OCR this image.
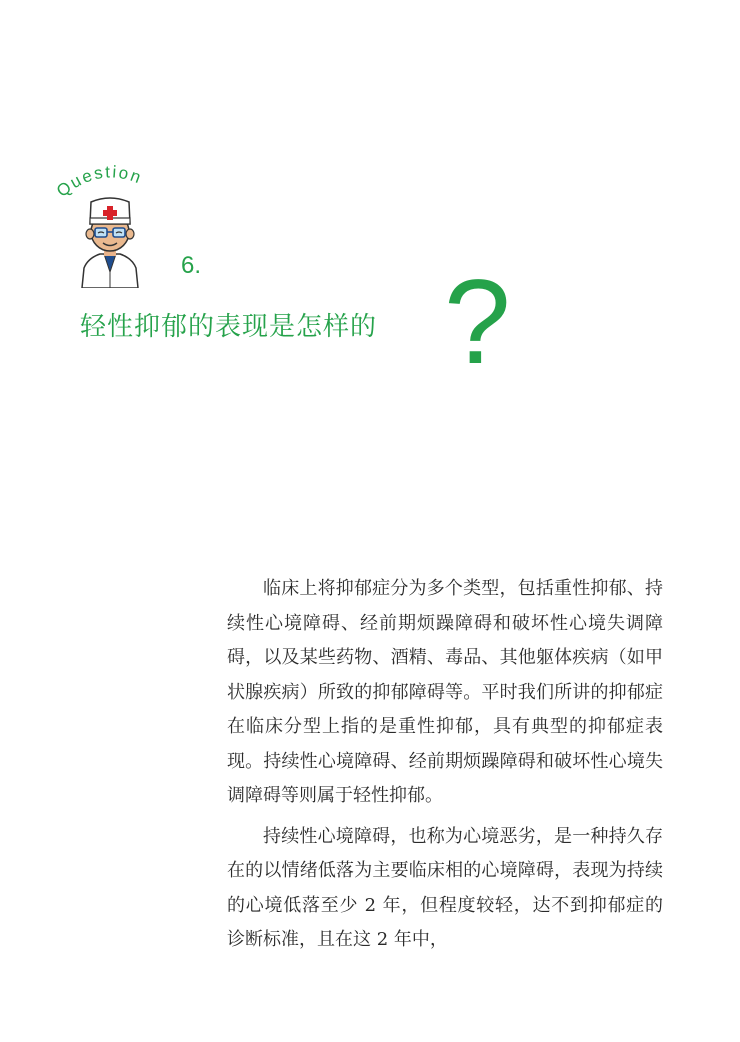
Question
6.
轻性抑郁的表现是怎样的 ?

临床上将抑郁症分为多个类型，包括重性抑郁、持续性心境障碍、经前期烦躁障碍和破坏性心境失调障碍，以及某些药物、酒精、毒品、其他躯体疾病（如甲状腺疾病）所致的抑郁障碍等。平时我们所讲的抑郁症在临床分型上指的是重性抑郁，具有典型的抑郁症表现。持续性心境障碍、经前期烦躁障碍和破坏性心境失调障碍等则属于轻性抑郁。

持续性心境障碍，也称为心境恶劣，是一种持久存在的以情绪低落为主要临床相的心境障碍，表现为持续的心境低落至少 2 年，但程度较轻，达不到抑郁症的诊断标准，且在这 2 年中，
